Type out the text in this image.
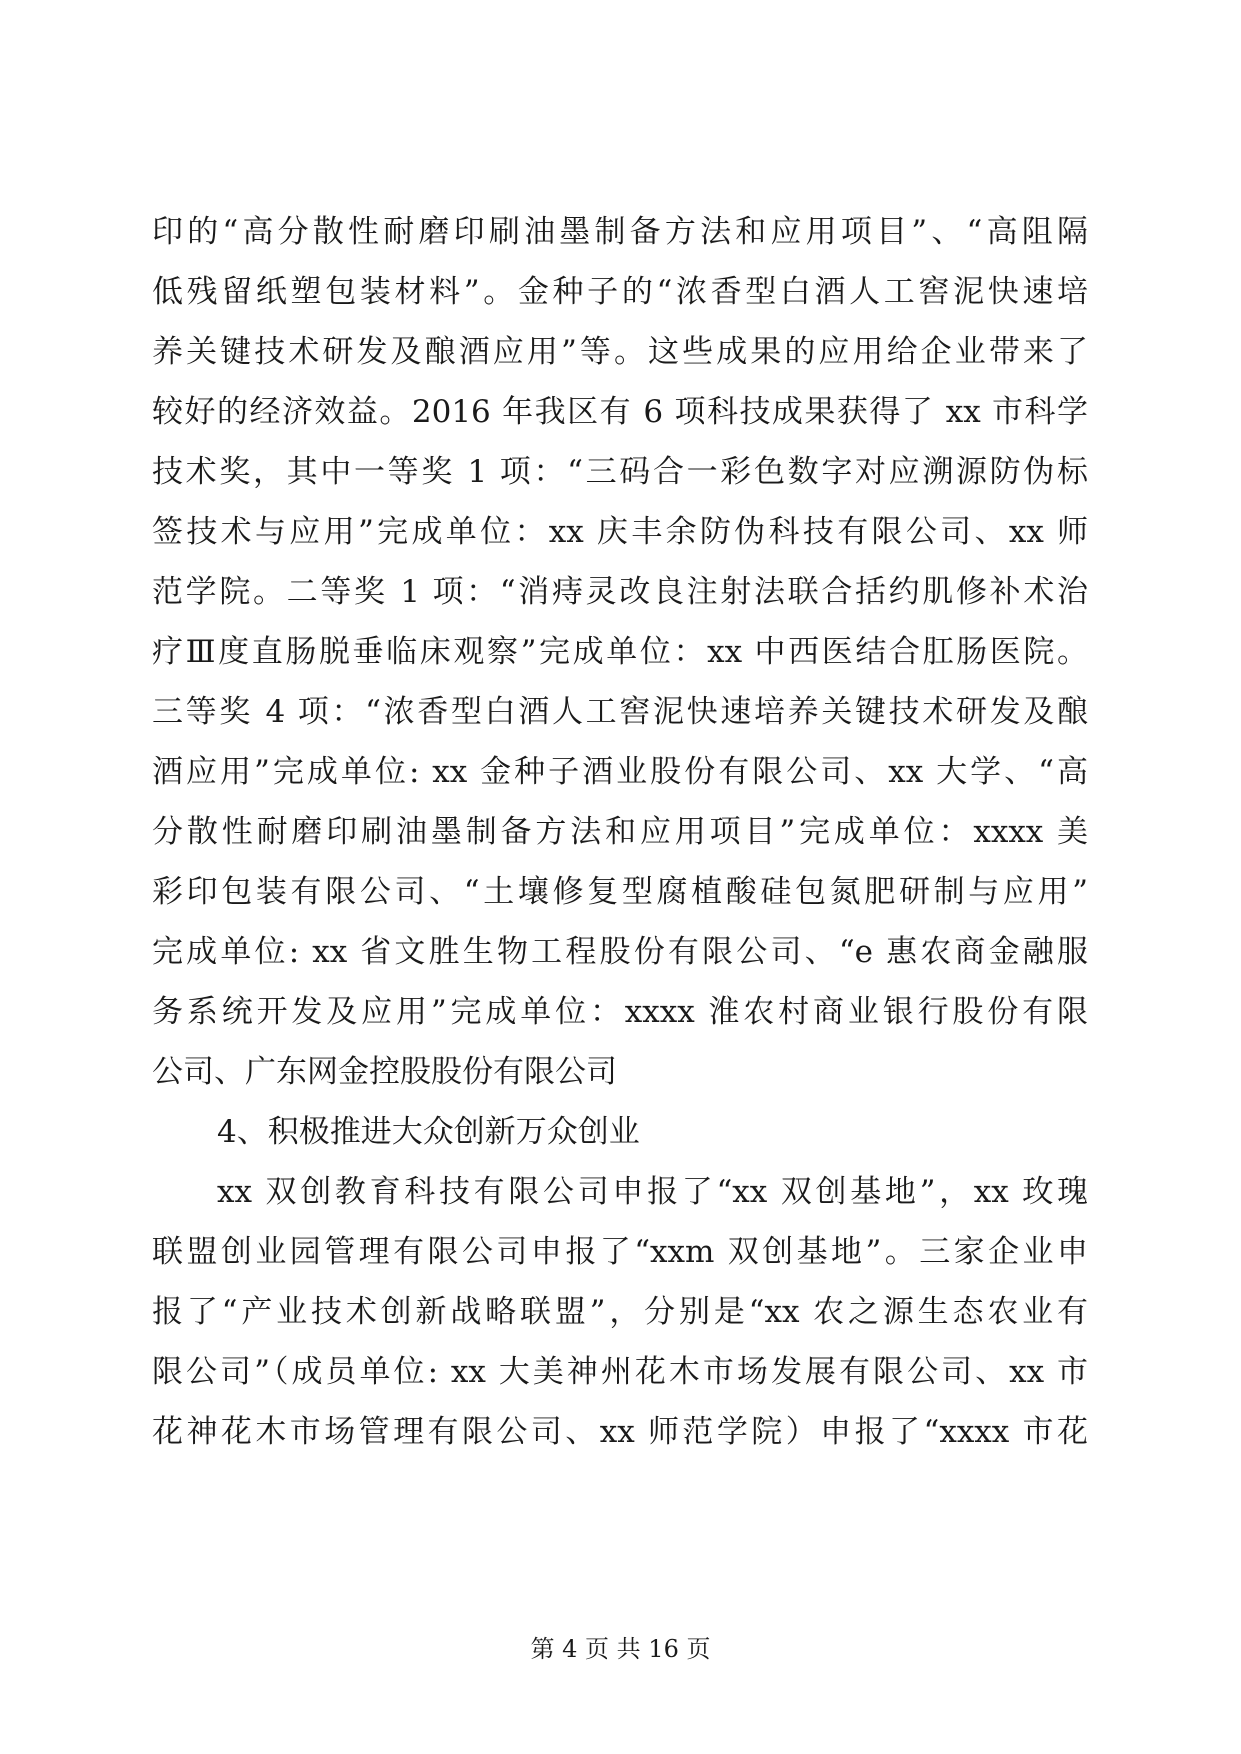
印的“高分散性耐磨印刷油墨制备方法和应用项目”、“高阻隔
低残留纸塑包装材料”。金种子的“浓香型白酒人工窖泥快速培
养关键技术研发及酿酒应用”等。这些成果的应用给企业带来了
较好的经济效益。2016 年我区有 6 项科技成果获得了 xx 市科学
技术奖，其中一等奖 1 项：“三码合一彩色数字对应溯源防伪标
签技术与应用”完成单位：xx 庆丰余防伪科技有限公司、xx 师
范学院。二等奖 1 项：“消痔灵改良注射法联合括约肌修补术治
疗Ⅲ度直肠脱垂临床观察”完成单位：xx 中西医结合肛肠医院。
三等奖 4 项：“浓香型白酒人工窖泥快速培养关键技术研发及酿
酒应用”完成单位: xx 金种子酒业股份有限公司、xx 大学、“高
分散性耐磨印刷油墨制备方法和应用项目”完成单位：xxxx 美
彩印包装有限公司、“土壤修复型腐植酸硅包氮肥研制与应用”
完成单位: xx 省文胜生物工程股份有限公司、“e 惠农商金融服
务系统开发及应用”完成单位：xxxx 淮农村商业银行股份有限
公司、广东网金控股股份有限公司
4、积极推进大众创新万众创业
xx 双创教育科技有限公司申报了“xx 双创基地”，xx 玫瑰
联盟创业园管理有限公司申报了“xxm 双创基地”。三家企业申
报了“产业技术创新战略联盟”，分别是“xx 农之源生态农业有
限公司”（成员单位: xx 大美神州花木市场发展有限公司、xx 市
花神花木市场管理有限公司、xx 师范学院）申报了“xxxx 市花
第 4 页 共 16 页
